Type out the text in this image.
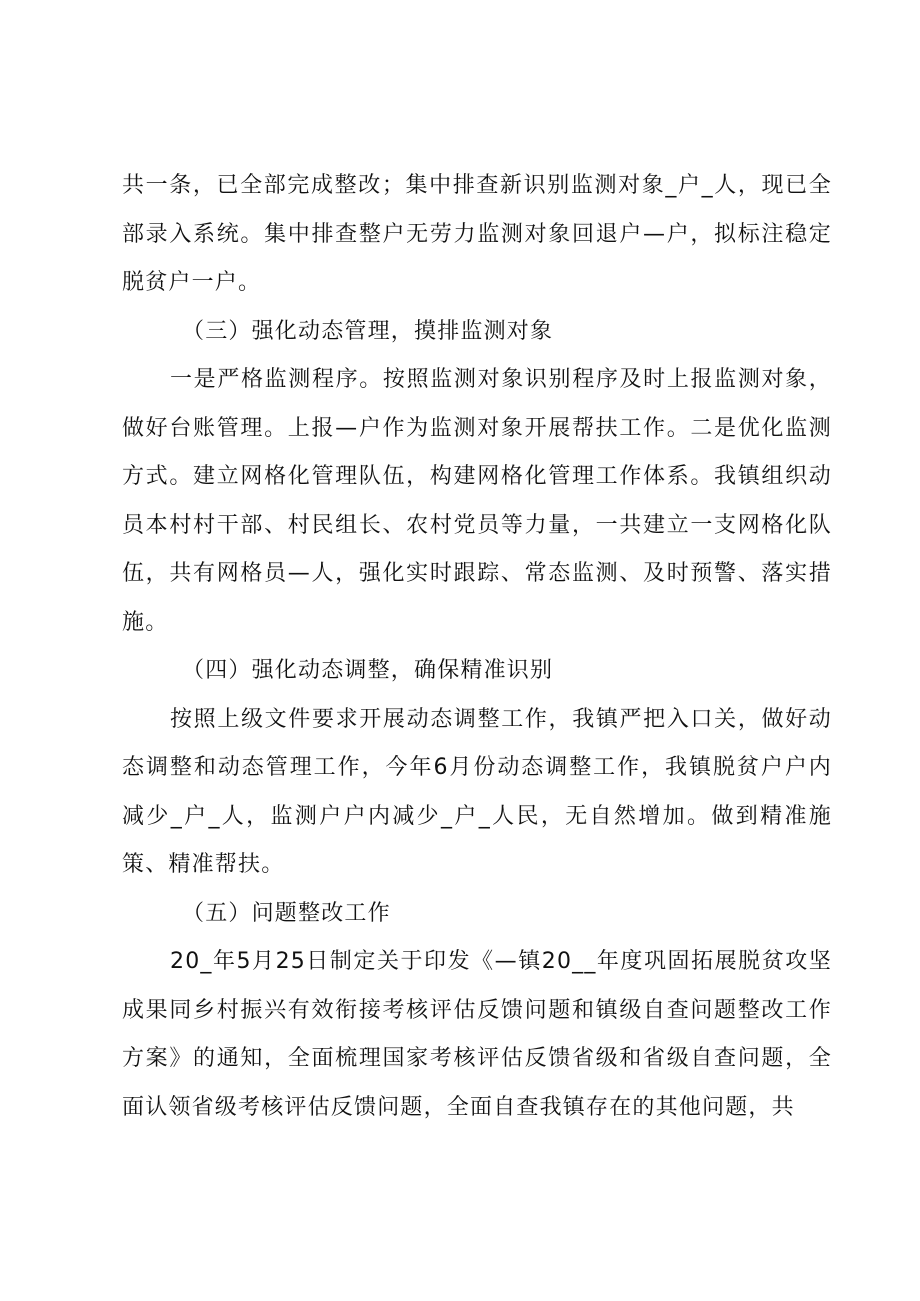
共一条，已全部完成整改；集中排查新识别监测对象_户_人，现已全部录入系统。集中排查整户无劳力监测对象回退户—户，拟标注稳定脱贫户一户。

（三）强化动态管理，摸排监测对象

一是严格监测程序。按照监测对象识别程序及时上报监测对象，做好台账管理。上报—户作为监测对象开展帮扶工作。二是优化监测方式。建立网格化管理队伍，构建网格化管理工作体系。我镇组织动员本村村干部、村民组长、农村党员等力量，一共建立一支网格化队伍，共有网格员—人，强化实时跟踪、常态监测、及时预警、落实措施。

（四）强化动态调整，确保精准识别

按照上级文件要求开展动态调整工作，我镇严把入口关，做好动态调整和动态管理工作，今年6月份动态调整工作，我镇脱贫户户内减少_户_人，监测户户内减少_户_人民，无自然增加。做到精准施策、精准帮扶。

（五）问题整改工作

20_年5月25日制定关于印发《—镇20__年度巩固拓展脱贫攻坚成果同乡村振兴有效衔接考核评估反馈问题和镇级自查问题整改工作方案》的通知，全面梳理国家考核评估反馈省级和省级自查问题，全面认领省级考核评估反馈问题，全面自查我镇存在的其他问题，共
